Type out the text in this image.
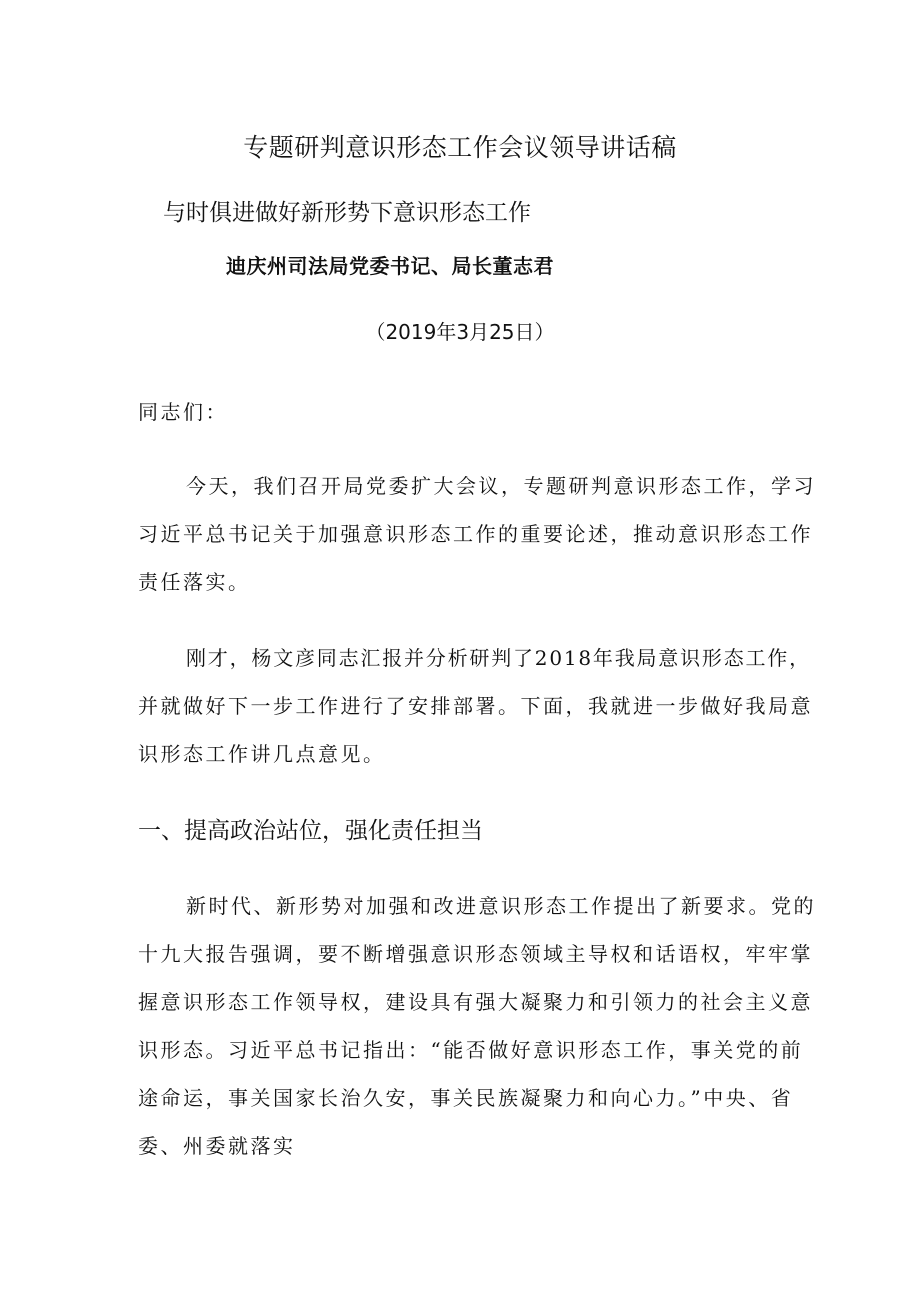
专题研判意识形态工作会议领导讲话稿

与时俱进做好新形势下意识形态工作

迪庆州司法局党委书记、局长董志君

（2019年3月25日）

同志们：

今天，我们召开局党委扩大会议，专题研判意识形态工作，学习

习近平总书记关于加强意识形态工作的重要论述，推动意识形态工作

责任落实。

刚才，杨文彦同志汇报并分析研判了2018年我局意识形态工作，

并就做好下一步工作进行了安排部署。下面，我就进一步做好我局意

识形态工作讲几点意见。

一、提高政治站位，强化责任担当

新时代、新形势对加强和改进意识形态工作提出了新要求。党的

十九大报告强调，要不断增强意识形态领域主导权和话语权，牢牢掌

握意识形态工作领导权，建设具有强大凝聚力和引领力的社会主义意

识形态。习近平总书记指出：“能否做好意识形态工作，事关党的前

途命运，事关国家长治久安，事关民族凝聚力和向心力。”中央、省

委、州委就落实
